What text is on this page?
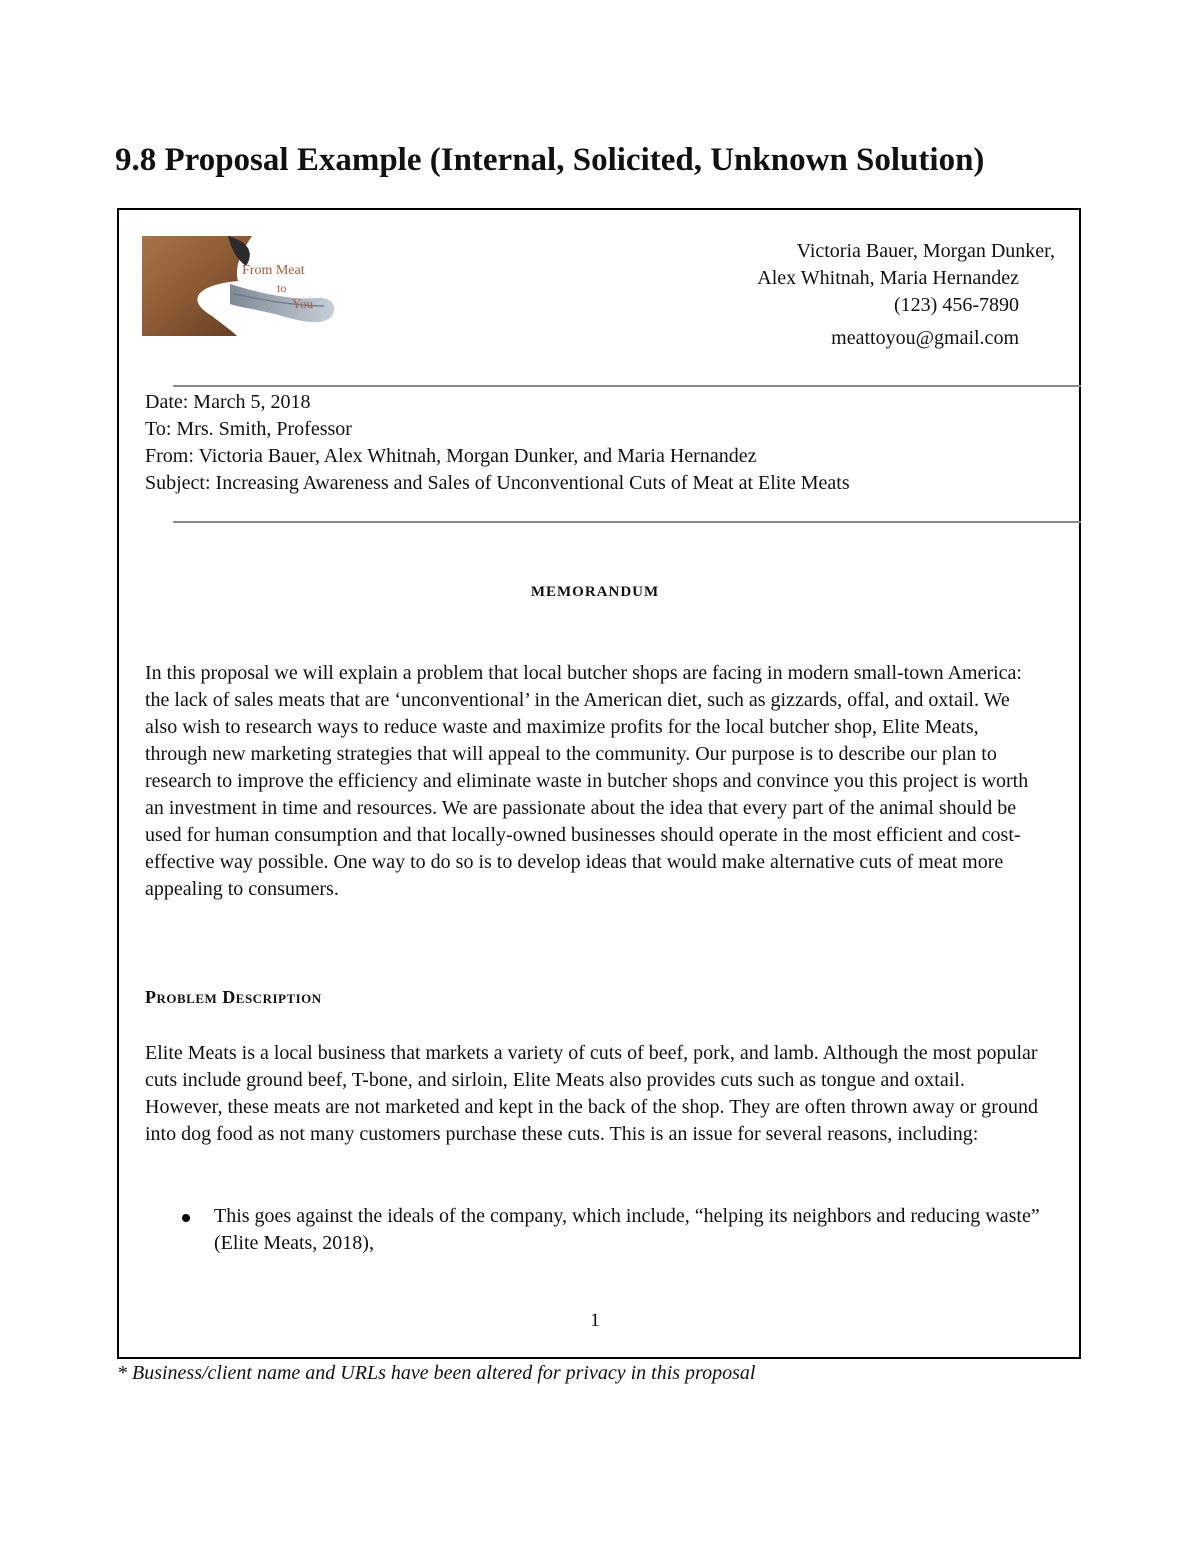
9.8 Proposal Example (Internal, Solicited, Unknown Solution)
From Meat
to
You
Victoria Bauer, Morgan Dunker,
Alex Whitnah, Maria Hernandez
(123) 456-7890
meattoyou@gmail.com
Date: March 5, 2018
To: Mrs. Smith, Professor
From: Victoria Bauer, Alex Whitnah, Morgan Dunker, and Maria Hernandez
Subject: Increasing Awareness and Sales of Unconventional Cuts of Meat at Elite Meats
MEMORANDUM

In this proposal we will explain a problem that local butcher shops are facing in modern small-town America: the lack of sales meats that are ‘unconventional’ in the American diet, such as gizzards, offal, and oxtail. We also wish to research ways to reduce waste and maximize profits for the local butcher shop, Elite Meats, through new marketing strategies that will appeal to the community. Our purpose is to describe our plan to research to improve the efficiency and eliminate waste in butcher shops and convince you this project is worth an investment in time and resources. We are passionate about the idea that every part of the animal should be used for human consumption and that locally-owned businesses should operate in the most efficient and cost-effective way possible. One way to do so is to develop ideas that would make alternative cuts of meat more appealing to consumers.

Problem Description

Elite Meats is a local business that markets a variety of cuts of beef, pork, and lamb. Although the most popular cuts include ground beef, T-bone, and sirloin, Elite Meats also provides cuts such as tongue and oxtail. However, these meats are not marketed and kept in the back of the shop. They are often thrown away or ground into dog food as not many customers purchase these cuts. This is an issue for several reasons, including:

This goes against the ideals of the company, which include, “helping its neighbors and reducing waste” (Elite Meats, 2018),
1
* Business/client name and URLs have been altered for privacy in this proposal
